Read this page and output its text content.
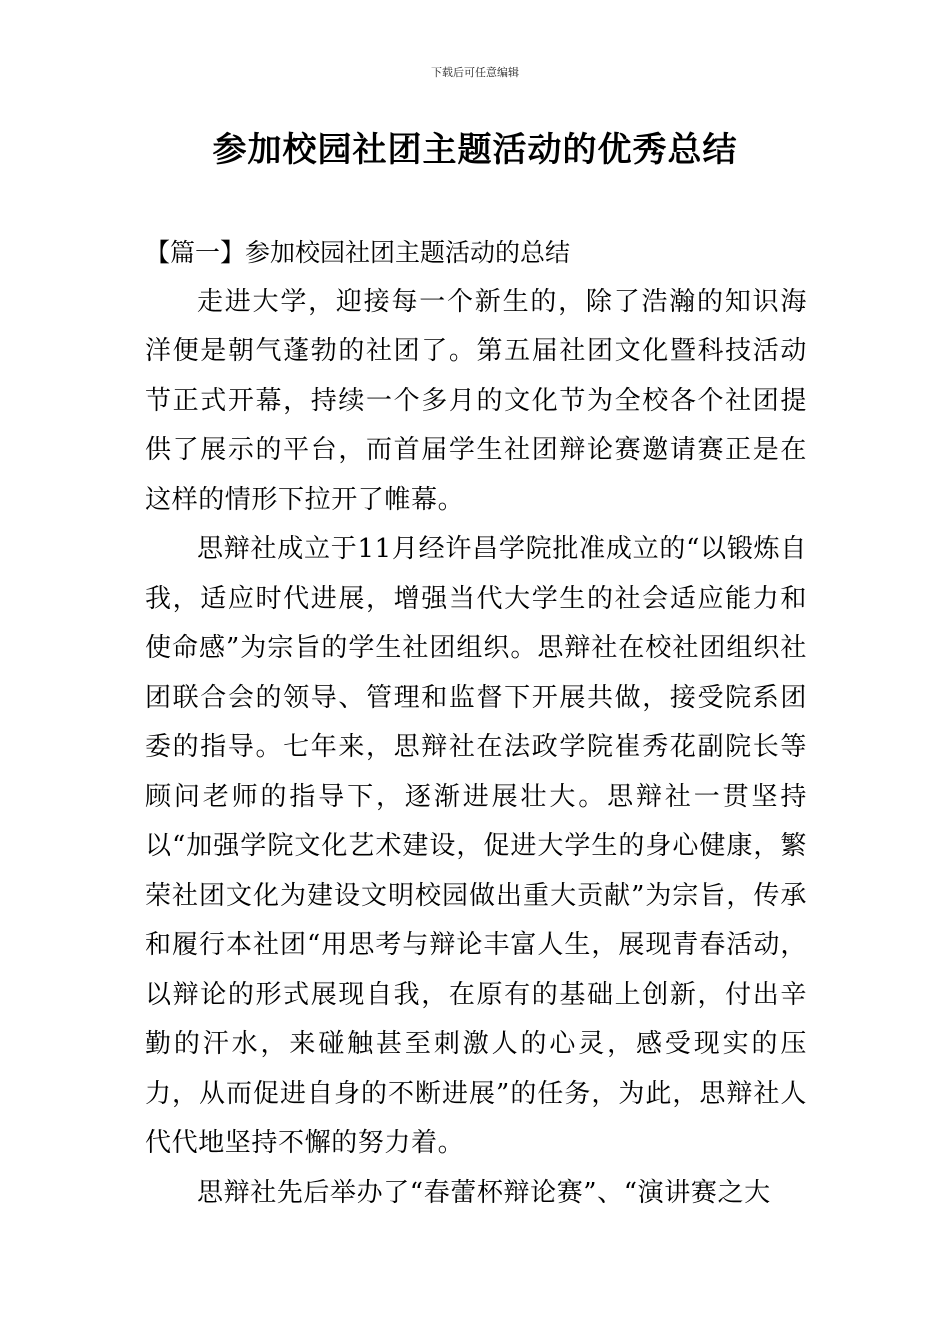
下载后可任意编辑
参加校园社团主题活动的优秀总结

【篇一】参加校园社团主题活动的总结

走进大学，迎接每一个新生的，除了浩瀚的知识海洋便是朝气蓬勃的社团了。第五届社团文化暨科技活动节正式开幕，持续一个多月的文化节为全校各个社团提供了展示的平台，而首届学生社团辩论赛邀请赛正是在这样的情形下拉开了帷幕。

思辩社成立于11月经许昌学院批准成立的“以锻炼自我，适应时代进展，增强当代大学生的社会适应能力和使命感”为宗旨的学生社团组织。思辩社在校社团组织社团联合会的领导、管理和监督下开展共做，接受院系团委的指导。七年来，思辩社在法政学院崔秀花副院长等顾问老师的指导下，逐渐进展壮大。思辩社一贯坚持以“加强学院文化艺术建设，促进大学生的身心健康，繁荣社团文化为建设文明校园做出重大贡献”为宗旨，传承和履行本社团“用思考与辩论丰富人生，展现青春活动，以辩论的形式展现自我，在原有的基础上创新，付出辛勤的汗水，来碰触甚至刺激人的心灵，感受现实的压力，从而促进自身的不断进展”的任务，为此，思辩社人代代地坚持不懈的努力着。

思辩社先后举办了“春蕾杯辩论赛”、“演讲赛之大
